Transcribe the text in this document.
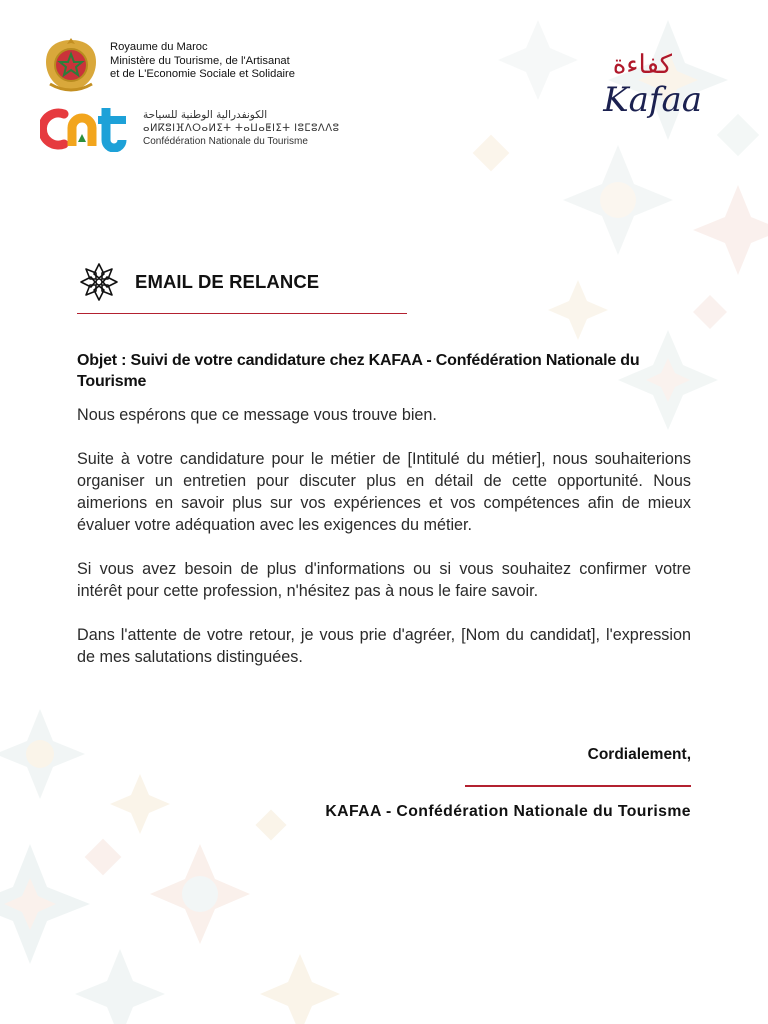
Royaume du Maroc
Ministère du Tourisme, de l'Artisanat
et de L'Economie Sociale et Solidaire
الكونفدرالية الوطنية للسياحة
ⴰⵍⴽⵓⵏⴼⴷⵔⴰⵍⵉⵜ ⵜⴰⵡⴰⵟⵏⵉⵜ ⵏⵓⵎⵓⴷⴷⵓ
Confédération Nationale du Tourisme
كفاءة
Kafaa
EMAIL DE RELANCE
Objet : Suivi de votre candidature chez KAFAA - Confédération Nationale du Tourisme

Nous espérons que ce message vous trouve bien.

Suite à votre candidature pour le métier de [Intitulé du métier], nous souhaiterions organiser un entretien pour discuter plus en détail de cette opportunité. Nous aimerions en savoir plus sur vos expériences et vos compétences afin de mieux évaluer votre adéquation avec les exigences du métier.

Si vous avez besoin de plus d'informations ou si vous souhaitez confirmer votre intérêt pour cette profession, n'hésitez pas à nous le faire savoir.

Dans l'attente de votre retour, je vous prie d'agréer, [Nom du candidat], l'expression de mes salutations distinguées.

Cordialement,
KAFAA - Confédération Nationale du Tourisme
